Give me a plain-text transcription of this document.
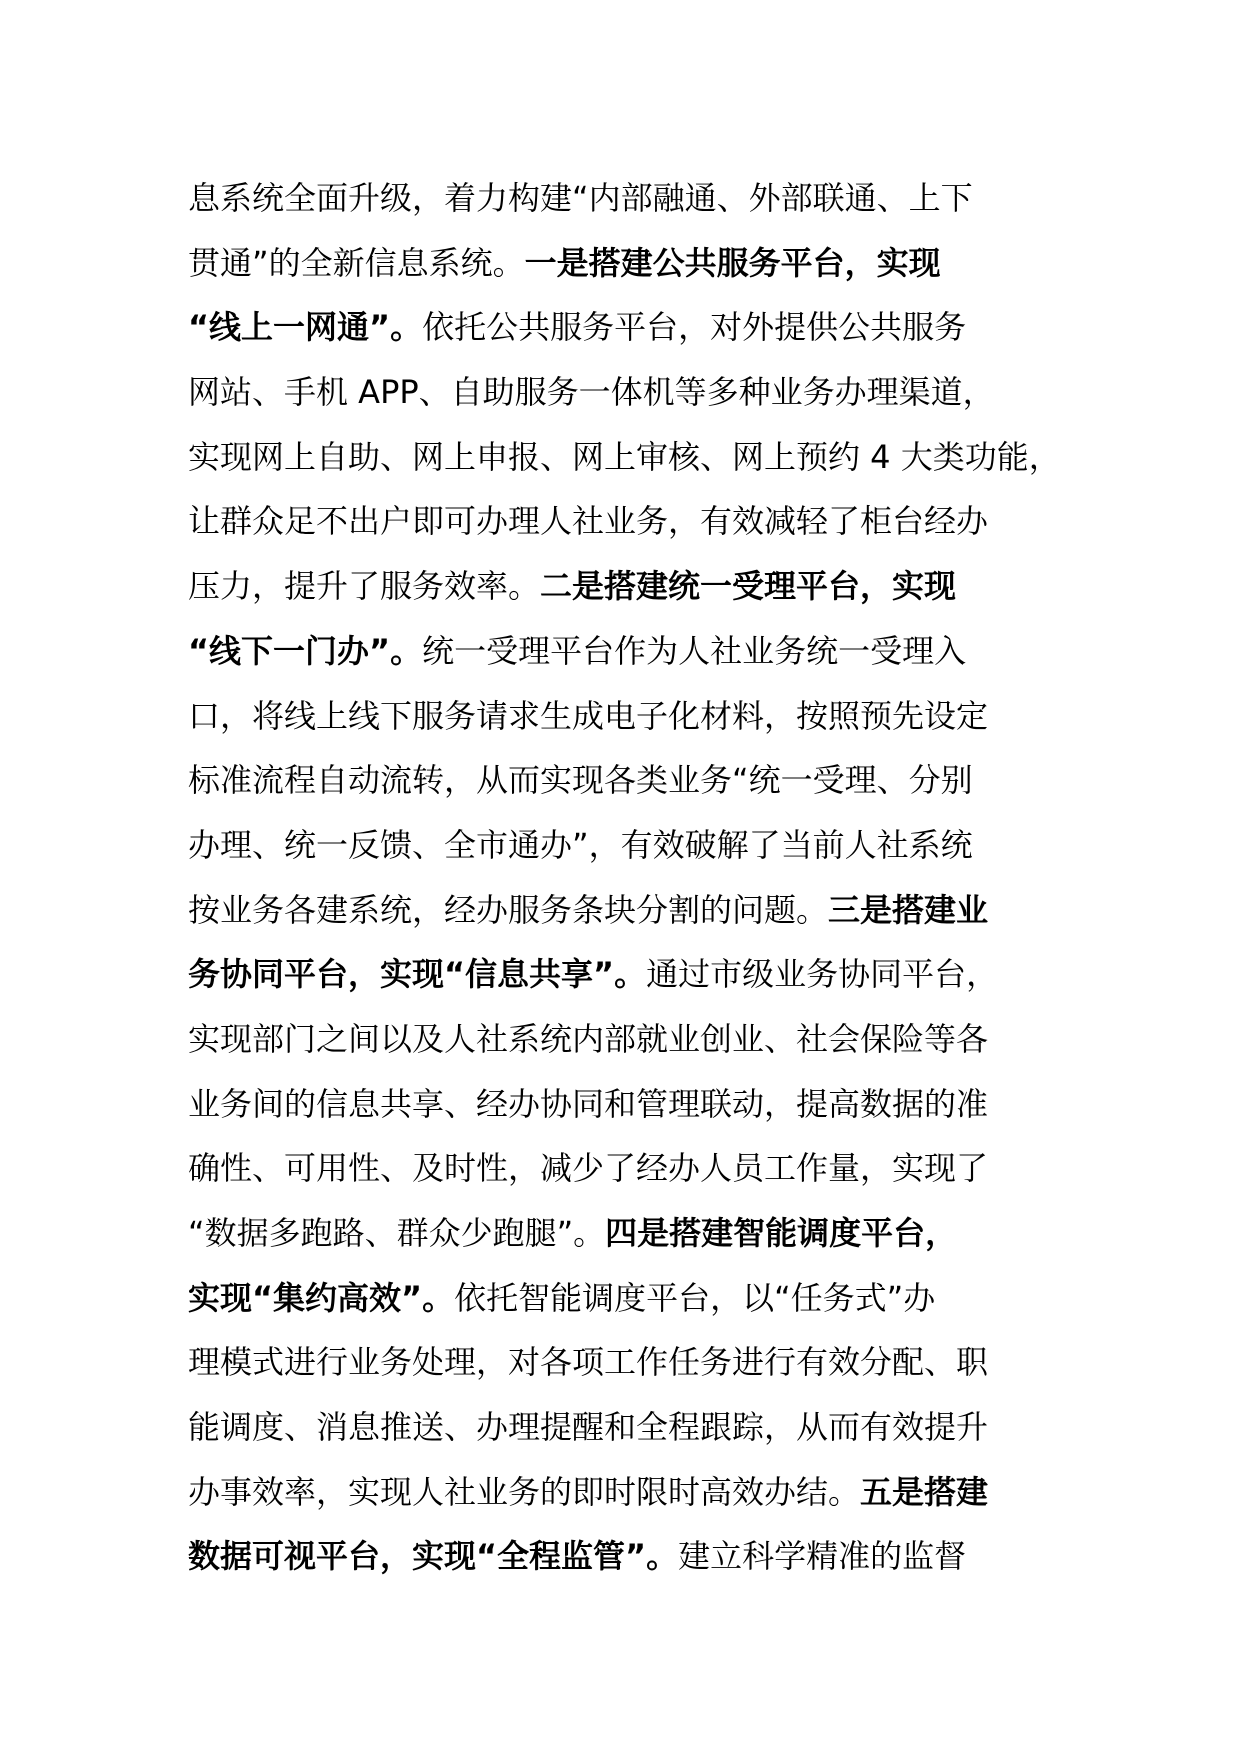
息系统全面升级，着力构建“内部融通、外部联通、上下
贯通”的全新信息系统。一是搭建公共服务平台，实现
“线上一网通”。依托公共服务平台，对外提供公共服务
网站、手机 APP、自助服务一体机等多种业务办理渠道，
实现网上自助、网上申报、网上审核、网上预约 4 大类功能，
让群众足不出户即可办理人社业务，有效减轻了柜台经办
压力，提升了服务效率。二是搭建统一受理平台，实现
“线下一门办”。统一受理平台作为人社业务统一受理入
口，将线上线下服务请求生成电子化材料，按照预先设定
标准流程自动流转，从而实现各类业务“统一受理、分别
办理、统一反馈、全市通办”，有效破解了当前人社系统
按业务各建系统，经办服务条块分割的问题。三是搭建业
务协同平台，实现“信息共享”。通过市级业务协同平台，
实现部门之间以及人社系统内部就业创业、社会保险等各
业务间的信息共享、经办协同和管理联动，提高数据的准
确性、可用性、及时性，减少了经办人员工作量，实现了
“数据多跑路、群众少跑腿”。四是搭建智能调度平台，
实现“集约高效”。依托智能调度平台，以“任务式”办
理模式进行业务处理，对各项工作任务进行有效分配、职
能调度、消息推送、办理提醒和全程跟踪，从而有效提升
办事效率，实现人社业务的即时限时高效办结。五是搭建
数据可视平台，实现“全程监管”。建立科学精准的监督
